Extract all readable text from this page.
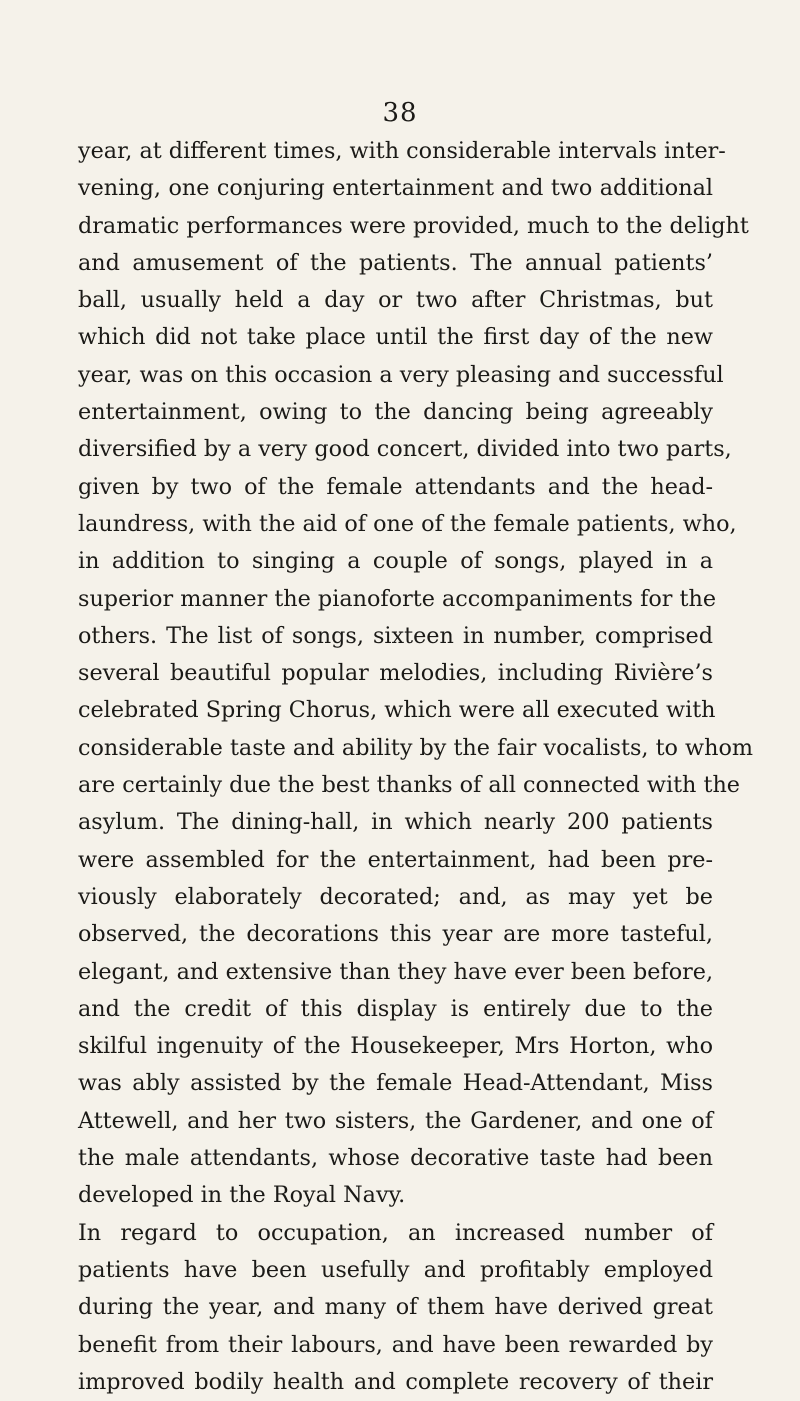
38
year, at different times, with considerable intervals inter-
vening, one conjuring entertainment and two additional
dramatic performances were provided, much to the delight
and amusement of the patients. The annual patients’
ball, usually held a day or two after Christmas, but
which did not take place until the first day of the new
year, was on this occasion a very pleasing and successful
entertainment, owing to the dancing being agreeably
diversified by a very good concert, divided into two parts,
given by two of the female attendants and the head-
laundress, with the aid of one of the female patients, who,
in addition to singing a couple of songs, played in a
superior manner the pianoforte accompaniments for the
others. The list of songs, sixteen in number, comprised
several beautiful popular melodies, including Rivière’s
celebrated Spring Chorus, which were all executed with
considerable taste and ability by the fair vocalists, to whom
are certainly due the best thanks of all connected with the
asylum. The dining-hall, in which nearly 200 patients
were assembled for the entertainment, had been pre-
viously elaborately decorated; and, as may yet be
observed, the decorations this year are more tasteful,
elegant, and extensive than they have ever been before,
and the credit of this display is entirely due to the
skilful ingenuity of the Housekeeper, Mrs Horton, who
was ably assisted by the female Head-Attendant, Miss
Attewell, and her two sisters, the Gardener, and one of
the male attendants, whose decorative taste had been
developed in the Royal Navy.
In regard to occupation, an increased number of
patients have been usefully and profitably employed
during the year, and many of them have derived great
benefit from their labours, and have been rewarded by
improved bodily health and complete recovery of their
